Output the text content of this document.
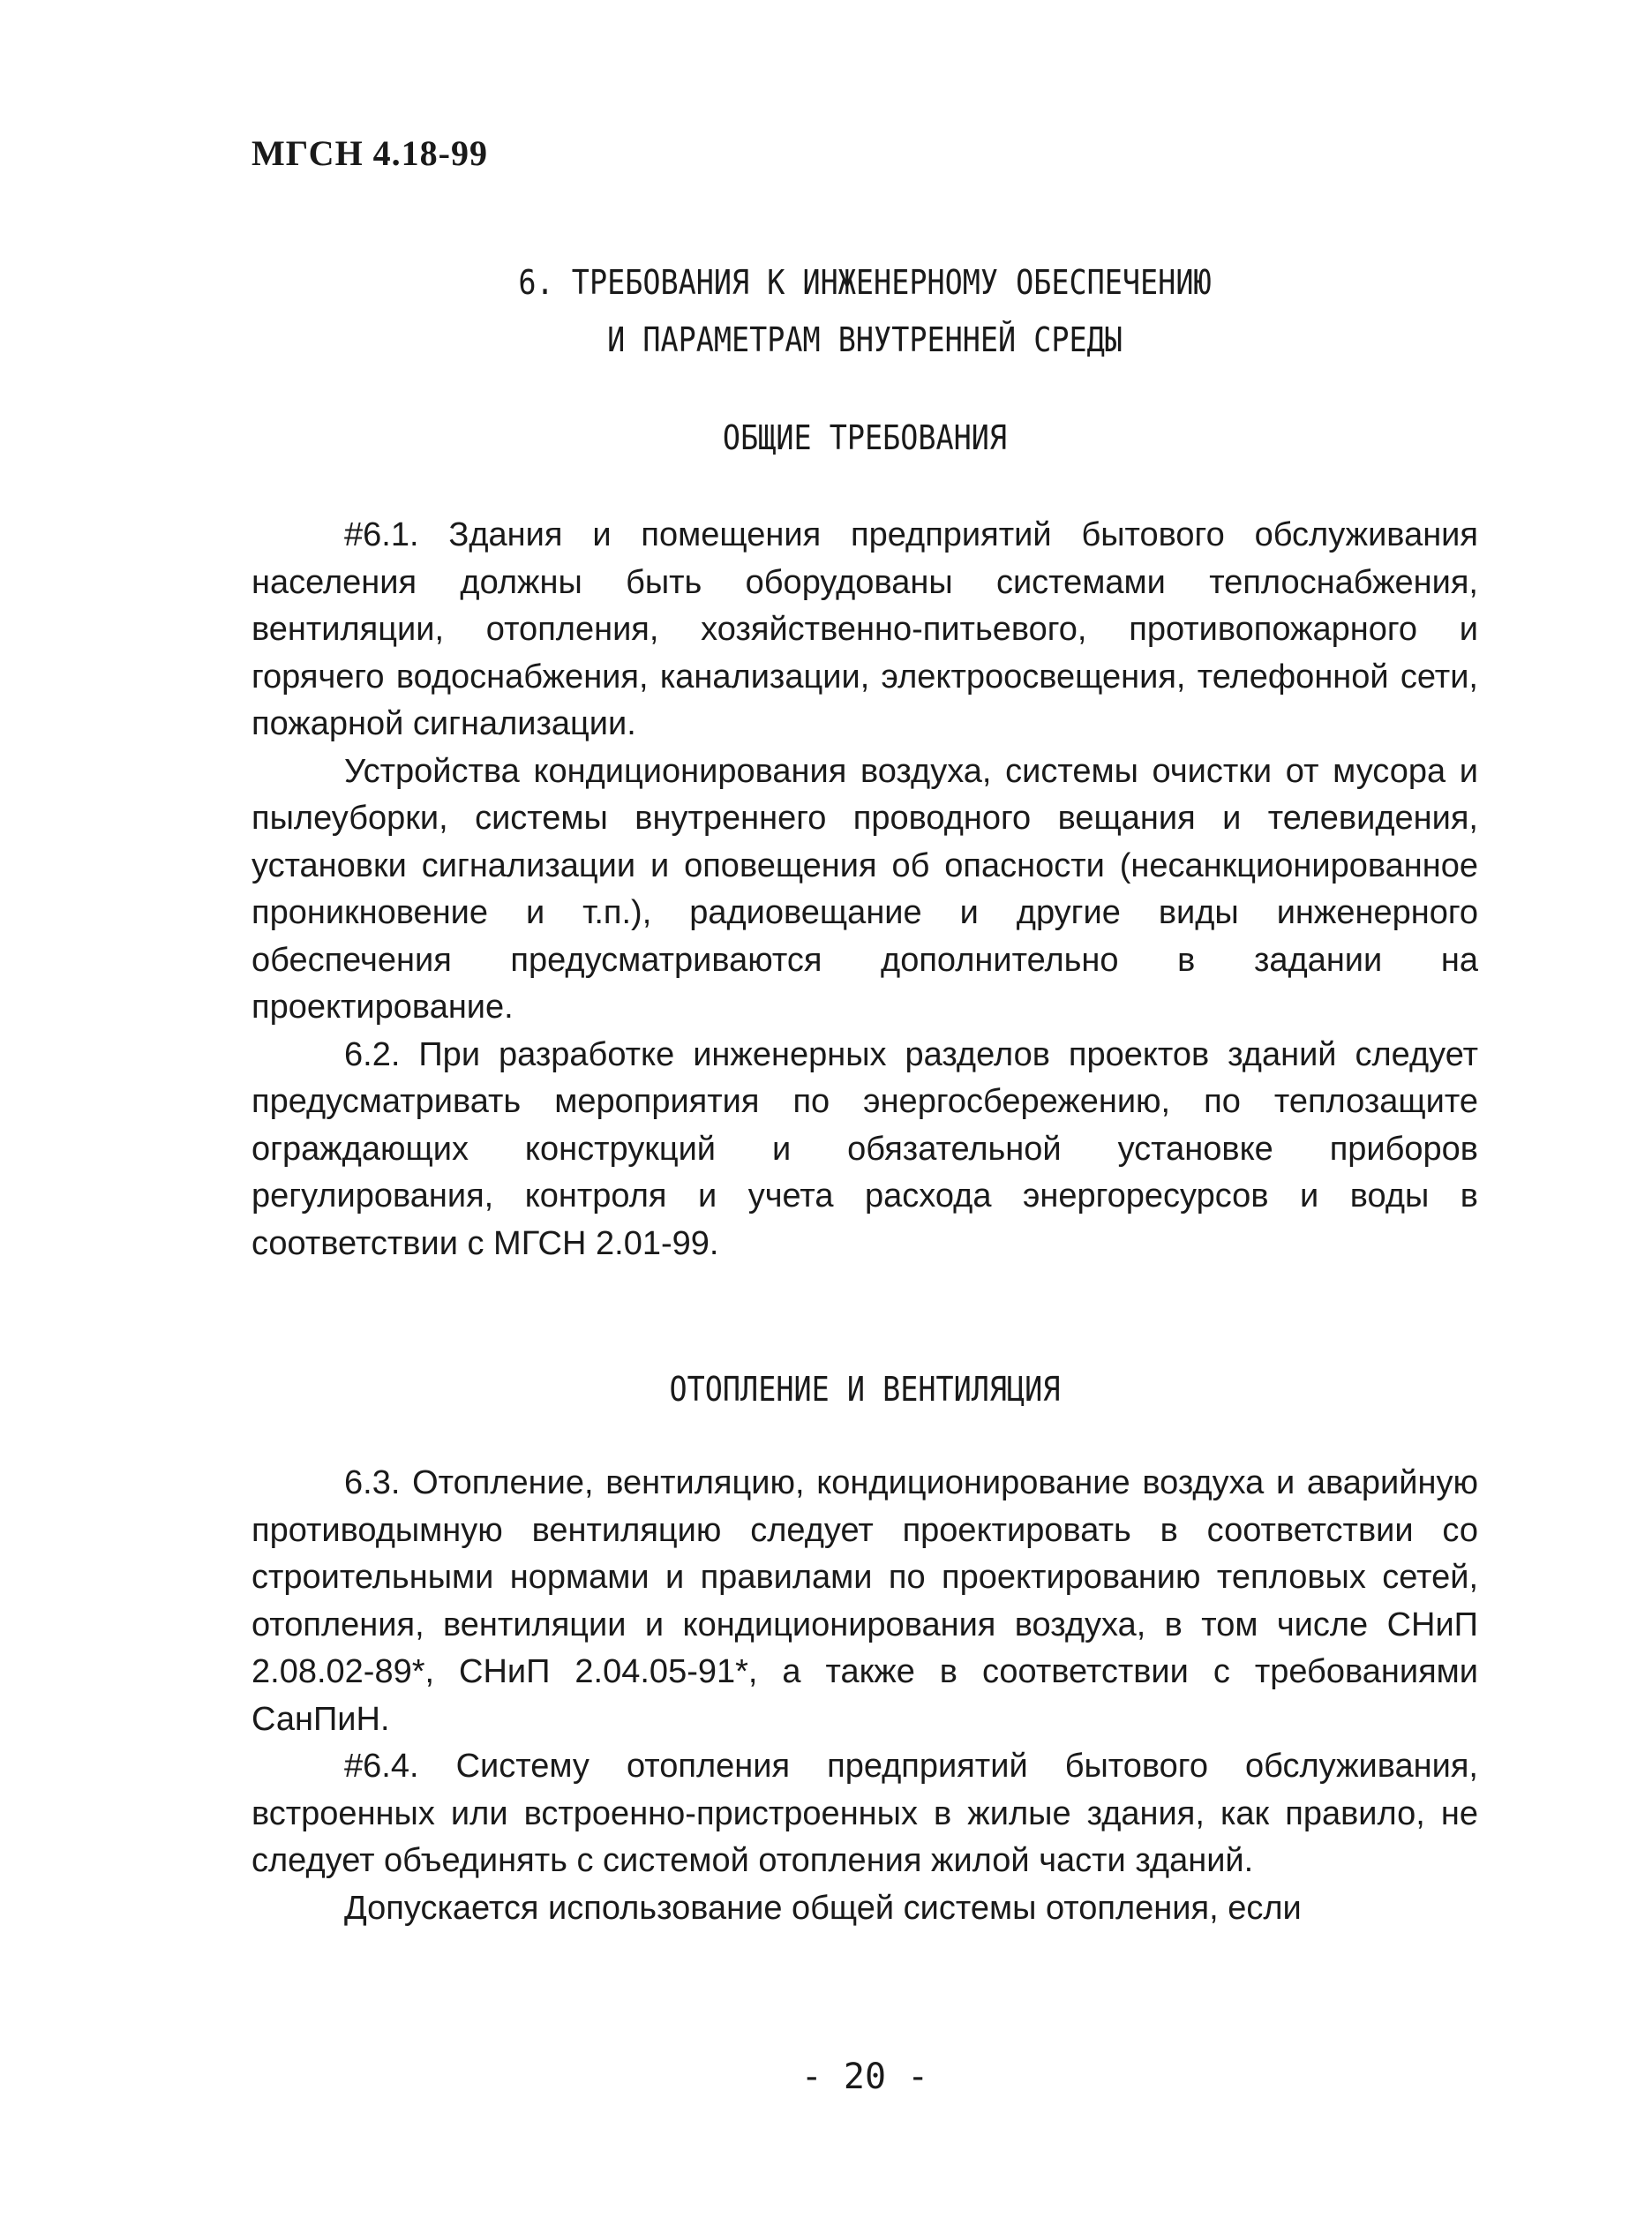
МГСН 4.18-99
6. ТРЕБОВАНИЯ К ИНЖЕНЕРНОМУ ОБЕСПЕЧЕНИЮ
И ПАРАМЕТРАМ ВНУТРЕННЕЙ СРЕДЫ
ОБЩИЕ ТРЕБОВАНИЯ

#6.1. Здания и помещения предприятий бытового обслуживания населения должны быть оборудованы системами теплоснабжения, вентиляции, отопления, хозяйственно-питьевого, противопожарного и горячего водоснабжения, канализации, электроосвещения, телефонной сети, пожарной сигнализации.

Устройства кондиционирования воздуха, системы очистки от мусора и пылеуборки, системы внутреннего проводного вещания и телевидения, установки сигнализации и оповещения об опасности (несанкционированное проникновение и т.п.), радиовещание и другие виды инженерного обеспечения предусматриваются дополнительно в задании на проектирование.

6.2. При разработке инженерных разделов проектов зданий следует предусматривать мероприятия по энергосбережению, по теплозащите ограждающих конструкций и обязательной установке приборов регулирования, контроля и учета расхода энергоресурсов и воды в соответствии с МГСН 2.01-99.

ОТОПЛЕНИЕ И ВЕНТИЛЯЦИЯ

6.3. Отопление, вентиляцию, кондиционирование воздуха и аварийную противодымную вентиляцию следует проектировать в соответствии со строительными нормами и правилами по проектированию тепловых сетей, отопления, вентиляции и кондиционирования воздуха, в том числе СНиП 2.08.02-89*, СНиП 2.04.05-91*, а также в соответствии с требованиями СанПиН.

#6.4. Систему отопления предприятий бытового обслуживания, встроенных или встроенно-пристроенных в жилые здания, как правило, не следует объединять с системой отопления жилой части зданий.

Допускается использование общей системы отопления, если

- 20 -
